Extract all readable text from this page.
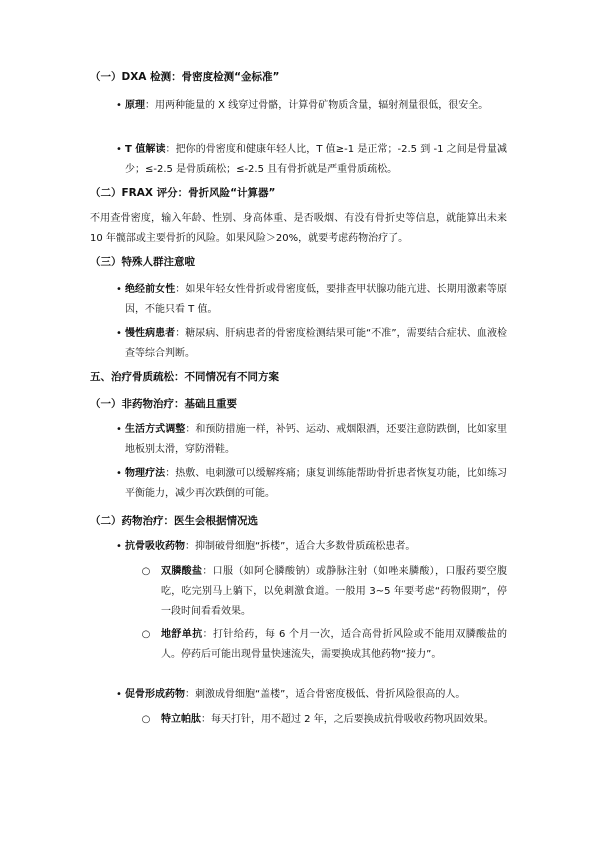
（一）DXA 检测：骨密度检测“金标准”
• 原理：用两种能量的 X 线穿过骨骼，计算骨矿物质含量，辐射剂量很低，很安全。
• T 值解读：把你的骨密度和健康年轻人比，T 值≥-1 是正常；-2.5 到 -1 之间是骨量减少；≤-2.5 是骨质疏松；≤-2.5 且有骨折就是严重骨质疏松。
（二）FRAX 评分：骨折风险“计算器”
不用查骨密度，输入年龄、性别、身高体重、是否吸烟、有没有骨折史等信息，就能算出未来 10 年髋部或主要骨折的风险。如果风险＞20%，就要考虑药物治疗了。
（三）特殊人群注意啦
• 绝经前女性：如果年轻女性骨折或骨密度低，要排查甲状腺功能亢进、长期用激素等原因，不能只看 T 值。
• 慢性病患者：糖尿病、肝病患者的骨密度检测结果可能“不准”，需要结合症状、血液检查等综合判断。
五、治疗骨质疏松：不同情况有不同方案
（一）非药物治疗：基础且重要
• 生活方式调整：和预防措施一样，补钙、运动、戒烟限酒，还要注意防跌倒，比如家里地板别太滑，穿防滑鞋。
• 物理疗法：热敷、电刺激可以缓解疼痛；康复训练能帮助骨折患者恢复功能，比如练习平衡能力，减少再次跌倒的可能。
（二）药物治疗：医生会根据情况选
• 抗骨吸收药物：抑制破骨细胞“拆楼”，适合大多数骨质疏松患者。
○ 双膦酸盐：口服（如阿仑膦酸钠）或静脉注射（如唑来膦酸），口服药要空腹吃，吃完别马上躺下，以免刺激食道。一般用 3~5 年要考虑“药物假期”，停一段时间看看效果。
○ 地舒单抗：打针给药，每 6 个月一次，适合高骨折风险或不能用双膦酸盐的人。停药后可能出现骨量快速流失，需要换成其他药物“接力”。
• 促骨形成药物：刺激成骨细胞“盖楼”，适合骨密度极低、骨折风险很高的人。
○ 特立帕肽：每天打针，用不超过 2 年，之后要换成抗骨吸收药物巩固效果。
